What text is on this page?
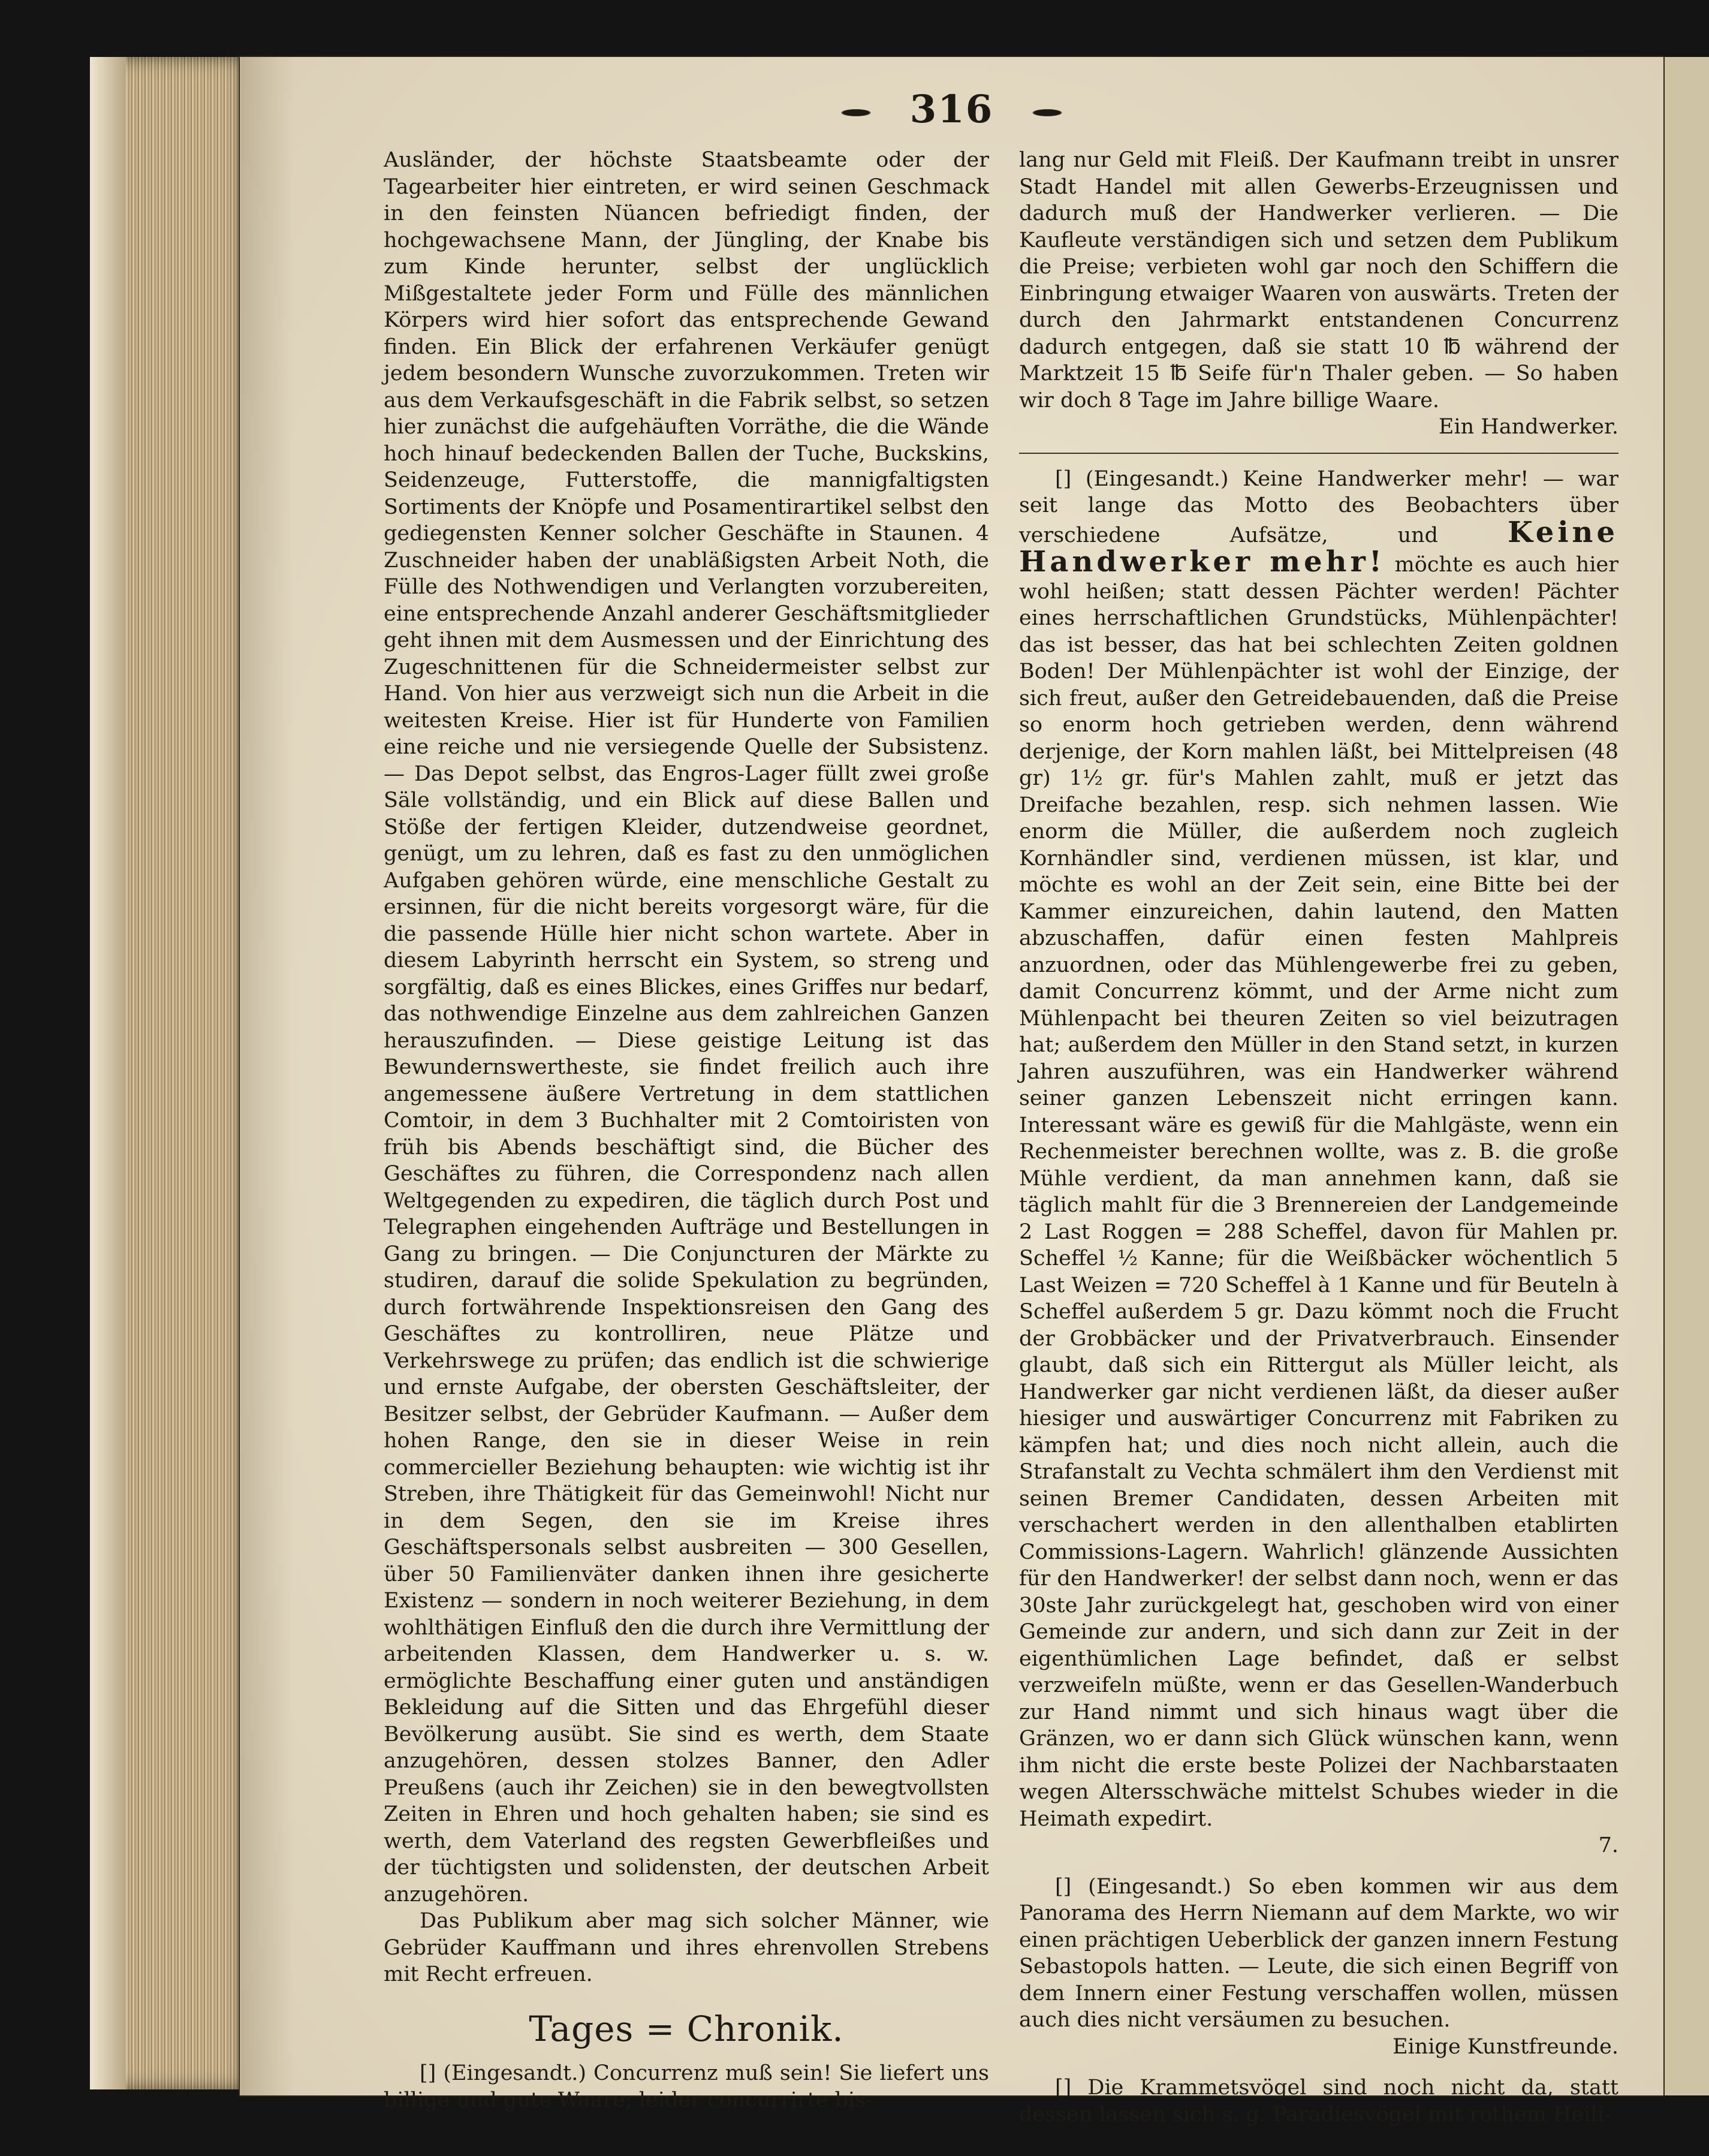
316

Ausländer, der höchste Staatsbeamte oder der Tagearbeiter hier eintreten, er wird seinen Geschmack in den feinsten Nüancen befriedigt finden, der hochgewachsene Mann, der Jüngling, der Knabe bis zum Kinde herunter, selbst der unglücklich Mißgestaltete jeder Form und Fülle des männlichen Körpers wird hier sofort das entsprechende Gewand finden. Ein Blick der erfahrenen Verkäufer genügt jedem besondern Wunsche zuvorzukommen. Treten wir aus dem Verkaufsgeschäft in die Fabrik selbst, so setzen hier zunächst die aufgehäuften Vorräthe, die die Wände hoch hinauf bedeckenden Ballen der Tuche, Buckskins, Seidenzeuge, Futterstoffe, die mannigfaltigsten Sortiments der Knöpfe und Posamentirartikel selbst den gediegensten Kenner solcher Geschäfte in Staunen. 4 Zuschneider haben der unabläßigsten Arbeit Noth, die Fülle des Nothwendigen und Verlangten vorzubereiten, eine entsprechende Anzahl anderer Geschäftsmitglieder geht ihnen mit dem Ausmessen und der Einrichtung des Zugeschnittenen für die Schneidermeister selbst zur Hand. Von hier aus verzweigt sich nun die Arbeit in die weitesten Kreise. Hier ist für Hunderte von Familien eine reiche und nie versiegende Quelle der Subsistenz. — Das Depot selbst, das Engros-Lager füllt zwei große Säle vollständig, und ein Blick auf diese Ballen und Stöße der fertigen Kleider, dutzendweise geordnet, genügt, um zu lehren, daß es fast zu den unmöglichen Aufgaben gehören würde, eine menschliche Gestalt zu ersinnen, für die nicht bereits vorgesorgt wäre, für die die passende Hülle hier nicht schon wartete. Aber in diesem Labyrinth herrscht ein System, so streng und sorgfältig, daß es eines Blickes, eines Griffes nur bedarf, das nothwendige Einzelne aus dem zahlreichen Ganzen herauszufinden. — Diese geistige Leitung ist das Bewundernswertheste, sie findet freilich auch ihre angemessene äußere Vertretung in dem stattlichen Comtoir, in dem 3 Buchhalter mit 2 Comtoiristen von früh bis Abends beschäftigt sind, die Bücher des Geschäftes zu führen, die Correspondenz nach allen Weltgegenden zu expediren, die täglich durch Post und Telegraphen eingehenden Aufträge und Bestellungen in Gang zu bringen. — Die Conjuncturen der Märkte zu studiren, darauf die solide Spekulation zu begründen, durch fortwährende Inspektionsreisen den Gang des Geschäftes zu kontrolliren, neue Plätze und Verkehrswege zu prüfen; das endlich ist die schwierige und ernste Aufgabe, der obersten Geschäftsleiter, der Besitzer selbst, der Gebrüder Kaufmann. — Außer dem hohen Range, den sie in dieser Weise in rein commercieller Beziehung behaupten: wie wichtig ist ihr Streben, ihre Thätigkeit für das Gemeinwohl! Nicht nur in dem Segen, den sie im Kreise ihres Geschäftspersonals selbst ausbreiten — 300 Gesellen, über 50 Familienväter danken ihnen ihre gesicherte Existenz — sondern in noch weiterer Beziehung, in dem wohlthätigen Einfluß den die durch ihre Vermittlung der arbeitenden Klassen, dem Handwerker u. s. w. ermöglichte Beschaffung einer guten und anständigen Bekleidung auf die Sitten und das Ehrgefühl dieser Bevölkerung ausübt. Sie sind es werth, dem Staate anzugehören, dessen stolzes Banner, den Adler Preußens (auch ihr Zeichen) sie in den bewegtvollsten Zeiten in Ehren und hoch gehalten haben; sie sind es werth, dem Vaterland des regsten Gewerbfleißes und der tüchtigsten und solidensten, der deutschen Arbeit anzugehören.

Das Publikum aber mag sich solcher Männer, wie Gebrüder Kauffmann und ihres ehrenvollen Strebens mit Recht erfreuen.

Tages = Chronik.

[] (Eingesandt.) Concurrenz muß sein! Sie liefert uns billige und gute Waare; leider concurrirte bis-

lang nur Geld mit Fleiß. Der Kaufmann treibt in unsrer Stadt Handel mit allen Gewerbs-Erzeugnissen und dadurch muß der Handwerker verlieren. — Die Kaufleute verständigen sich und setzen dem Publikum die Preise; verbieten wohl gar noch den Schiffern die Einbringung etwaiger Waaren von auswärts. Treten der durch den Jahrmarkt entstandenen Concurrenz dadurch entgegen, daß sie statt 10 ℔ während der Marktzeit 15 ℔ Seife für'n Thaler geben. — So haben wir doch 8 Tage im Jahre billige Waare.

Ein Handwerker.

[] (Eingesandt.) Keine Handwerker mehr! — war seit lange das Motto des Beobachters über verschiedene Aufsätze, und Keine Handwerker mehr! möchte es auch hier wohl heißen; statt dessen Pächter werden! Pächter eines herrschaftlichen Grundstücks, Mühlenpächter! das ist besser, das hat bei schlechten Zeiten goldnen Boden! Der Mühlenpächter ist wohl der Einzige, der sich freut, außer den Getreidebauenden, daß die Preise so enorm hoch getrieben werden, denn während derjenige, der Korn mahlen läßt, bei Mittelpreisen (48 gr) 1½ gr. für's Mahlen zahlt, muß er jetzt das Dreifache bezahlen, resp. sich nehmen lassen. Wie enorm die Müller, die außerdem noch zugleich Kornhändler sind, verdienen müssen, ist klar, und möchte es wohl an der Zeit sein, eine Bitte bei der Kammer einzureichen, dahin lautend, den Matten abzuschaffen, dafür einen festen Mahlpreis anzuordnen, oder das Mühlengewerbe frei zu geben, damit Concurrenz kömmt, und der Arme nicht zum Mühlenpacht bei theuren Zeiten so viel beizutragen hat; außerdem den Müller in den Stand setzt, in kurzen Jahren auszuführen, was ein Handwerker während seiner ganzen Lebenszeit nicht erringen kann. Interessant wäre es gewiß für die Mahlgäste, wenn ein Rechenmeister berechnen wollte, was z. B. die große Mühle verdient, da man annehmen kann, daß sie täglich mahlt für die 3 Brennereien der Landgemeinde 2 Last Roggen = 288 Scheffel, davon für Mahlen pr. Scheffel ½ Kanne; für die Weißbäcker wöchentlich 5 Last Weizen = 720 Scheffel à 1 Kanne und für Beuteln à Scheffel außerdem 5 gr. Dazu kömmt noch die Frucht der Grobbäcker und der Privatverbrauch. Einsender glaubt, daß sich ein Rittergut als Müller leicht, als Handwerker gar nicht verdienen läßt, da dieser außer hiesiger und auswärtiger Concurrenz mit Fabriken zu kämpfen hat; und dies noch nicht allein, auch die Strafanstalt zu Vechta schmälert ihm den Verdienst mit seinen Bremer Candidaten, dessen Arbeiten mit verschachert werden in den allenthalben etablirten Commissions-Lagern. Wahrlich! glänzende Aussichten für den Handwerker! der selbst dann noch, wenn er das 30ste Jahr zurückgelegt hat, geschoben wird von einer Gemeinde zur andern, und sich dann zur Zeit in der eigenthümlichen Lage befindet, daß er selbst verzweifeln müßte, wenn er das Gesellen-Wanderbuch zur Hand nimmt und sich hinaus wagt über die Gränzen, wo er dann sich Glück wünschen kann, wenn ihm nicht die erste beste Polizei der Nachbarstaaten wegen Altersschwäche mittelst Schubes wieder in die Heimath expedirt.

7.

[] (Eingesandt.) So eben kommen wir aus dem Panorama des Herrn Niemann auf dem Markte, wo wir einen prächtigen Ueberblick der ganzen innern Festung Sebastopols hatten. — Leute, die sich einen Begriff von dem Innern einer Festung verschaffen wollen, müssen auch dies nicht versäumen zu besuchen.

Einige Kunstfreunde.

[] Die Krammetsvögel sind noch nicht da, statt dessen lassen sich s. g. Paradiesvögel mit rothem Heili-
